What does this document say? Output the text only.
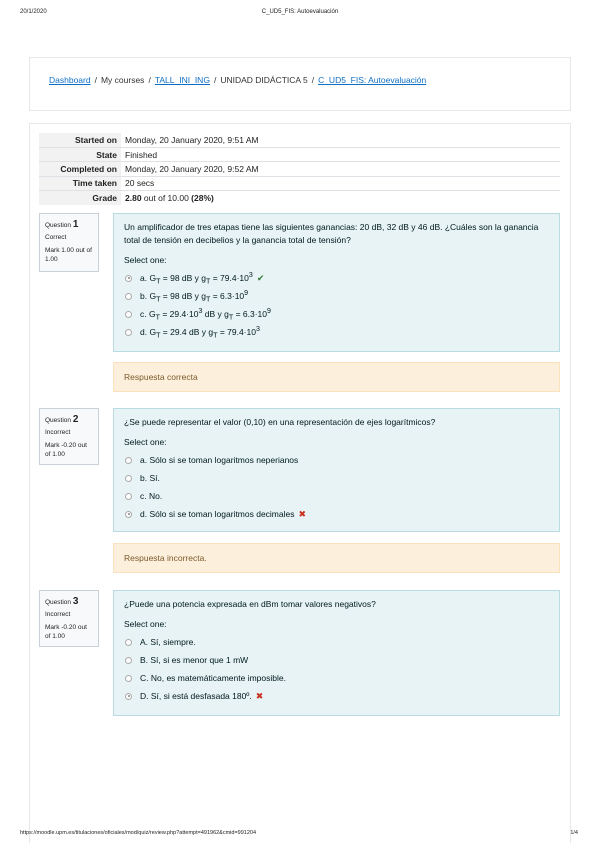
20/1/2020	C_UD5_FIS: Autoevaluación
Dashboard / My courses / TALL_INI_ING / UNIDAD DIDÁCTICA 5 / C_UD5_FIS: Autoevaluación
Started on	Monday, 20 January 2020, 9:51 AM
State	Finished
Completed on	Monday, 20 January 2020, 9:52 AM
Time taken	20 secs
Grade	2.80 out of 10.00 (28%)
Question 1
Correct
Mark 1.00 out of 1.00
Un amplificador de tres etapas tiene las siguientes ganancias: 20 dB, 32 dB y 46 dB. ¿Cuáles son la ganancia total de tensión en decibelios y la ganancia total de tensión?
Select one:
a. $G_T = 98$ dB y $g_T = 79.4\cdot 10^3$ ✔
b. $G_T = 98$ dB y $g_T = 6.3\cdot 10^9$
c. $G_T = 29.4\cdot 10^3$ dB y $g_T = 6.3\cdot 10^9$
d. $G_T = 29.4$ dB y $g_T = 79.4\cdot 10^3$
Respuesta correcta
Question 2
Incorrect
Mark -0.20 out of 1.00
¿Se puede representar el valor (0,10) en una representación de ejes logarítmicos?
Select one:
a. Sólo si se toman logaritmos neperianos
b. Sí.
c. No.
d. Sólo si se toman logaritmos decimales ✖
Respuesta incorrecta.
Question 3
Incorrect
Mark -0.20 out of 1.00
¿Puede una potencia expresada en dBm tomar valores negativos?
Select one:
A. Sí, siempre.
B. Sí, si es menor que 1 mW
C. No, es matemáticamente imposible.
D. Sí, si está desfasada 180º. ✖
https://moodle.upm.es/titulaciones/oficiales/mod/quiz/review.php?attempt=491962&cmid=991204	1/4
